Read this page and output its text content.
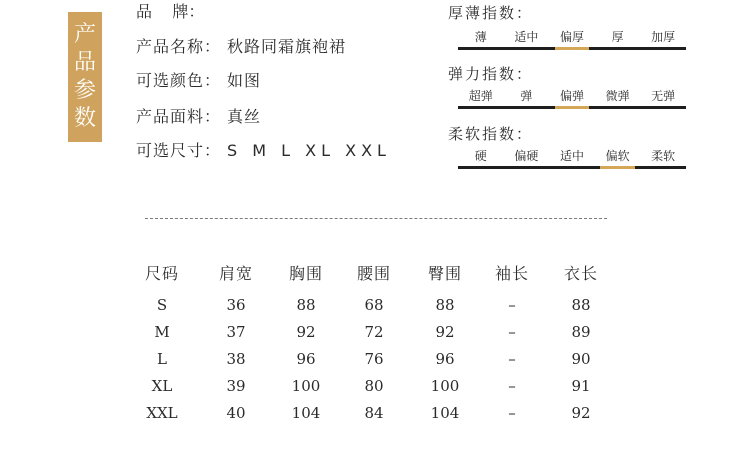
产
品
参
数
品    牌：
产品名称： 秋路同霜旗袍裙
可选颜色： 如图
产品面料： 真丝
可选尺寸： S M L XL XXL
厚薄指数：
薄	适中	偏厚	厚	加厚
弹力指数：
超弹	弹	偏弹	微弹	无弹
柔软指数：
硬	偏硬	适中	偏软	柔软
尺码	肩宽	胸围	腰围	臀围	袖长	衣长
S	36	88	68	88	–	88
M	37	92	72	92	–	89
L	38	96	76	96	–	90
XL	39	100	80	100	–	91
XXL	40	104	84	104	–	92
